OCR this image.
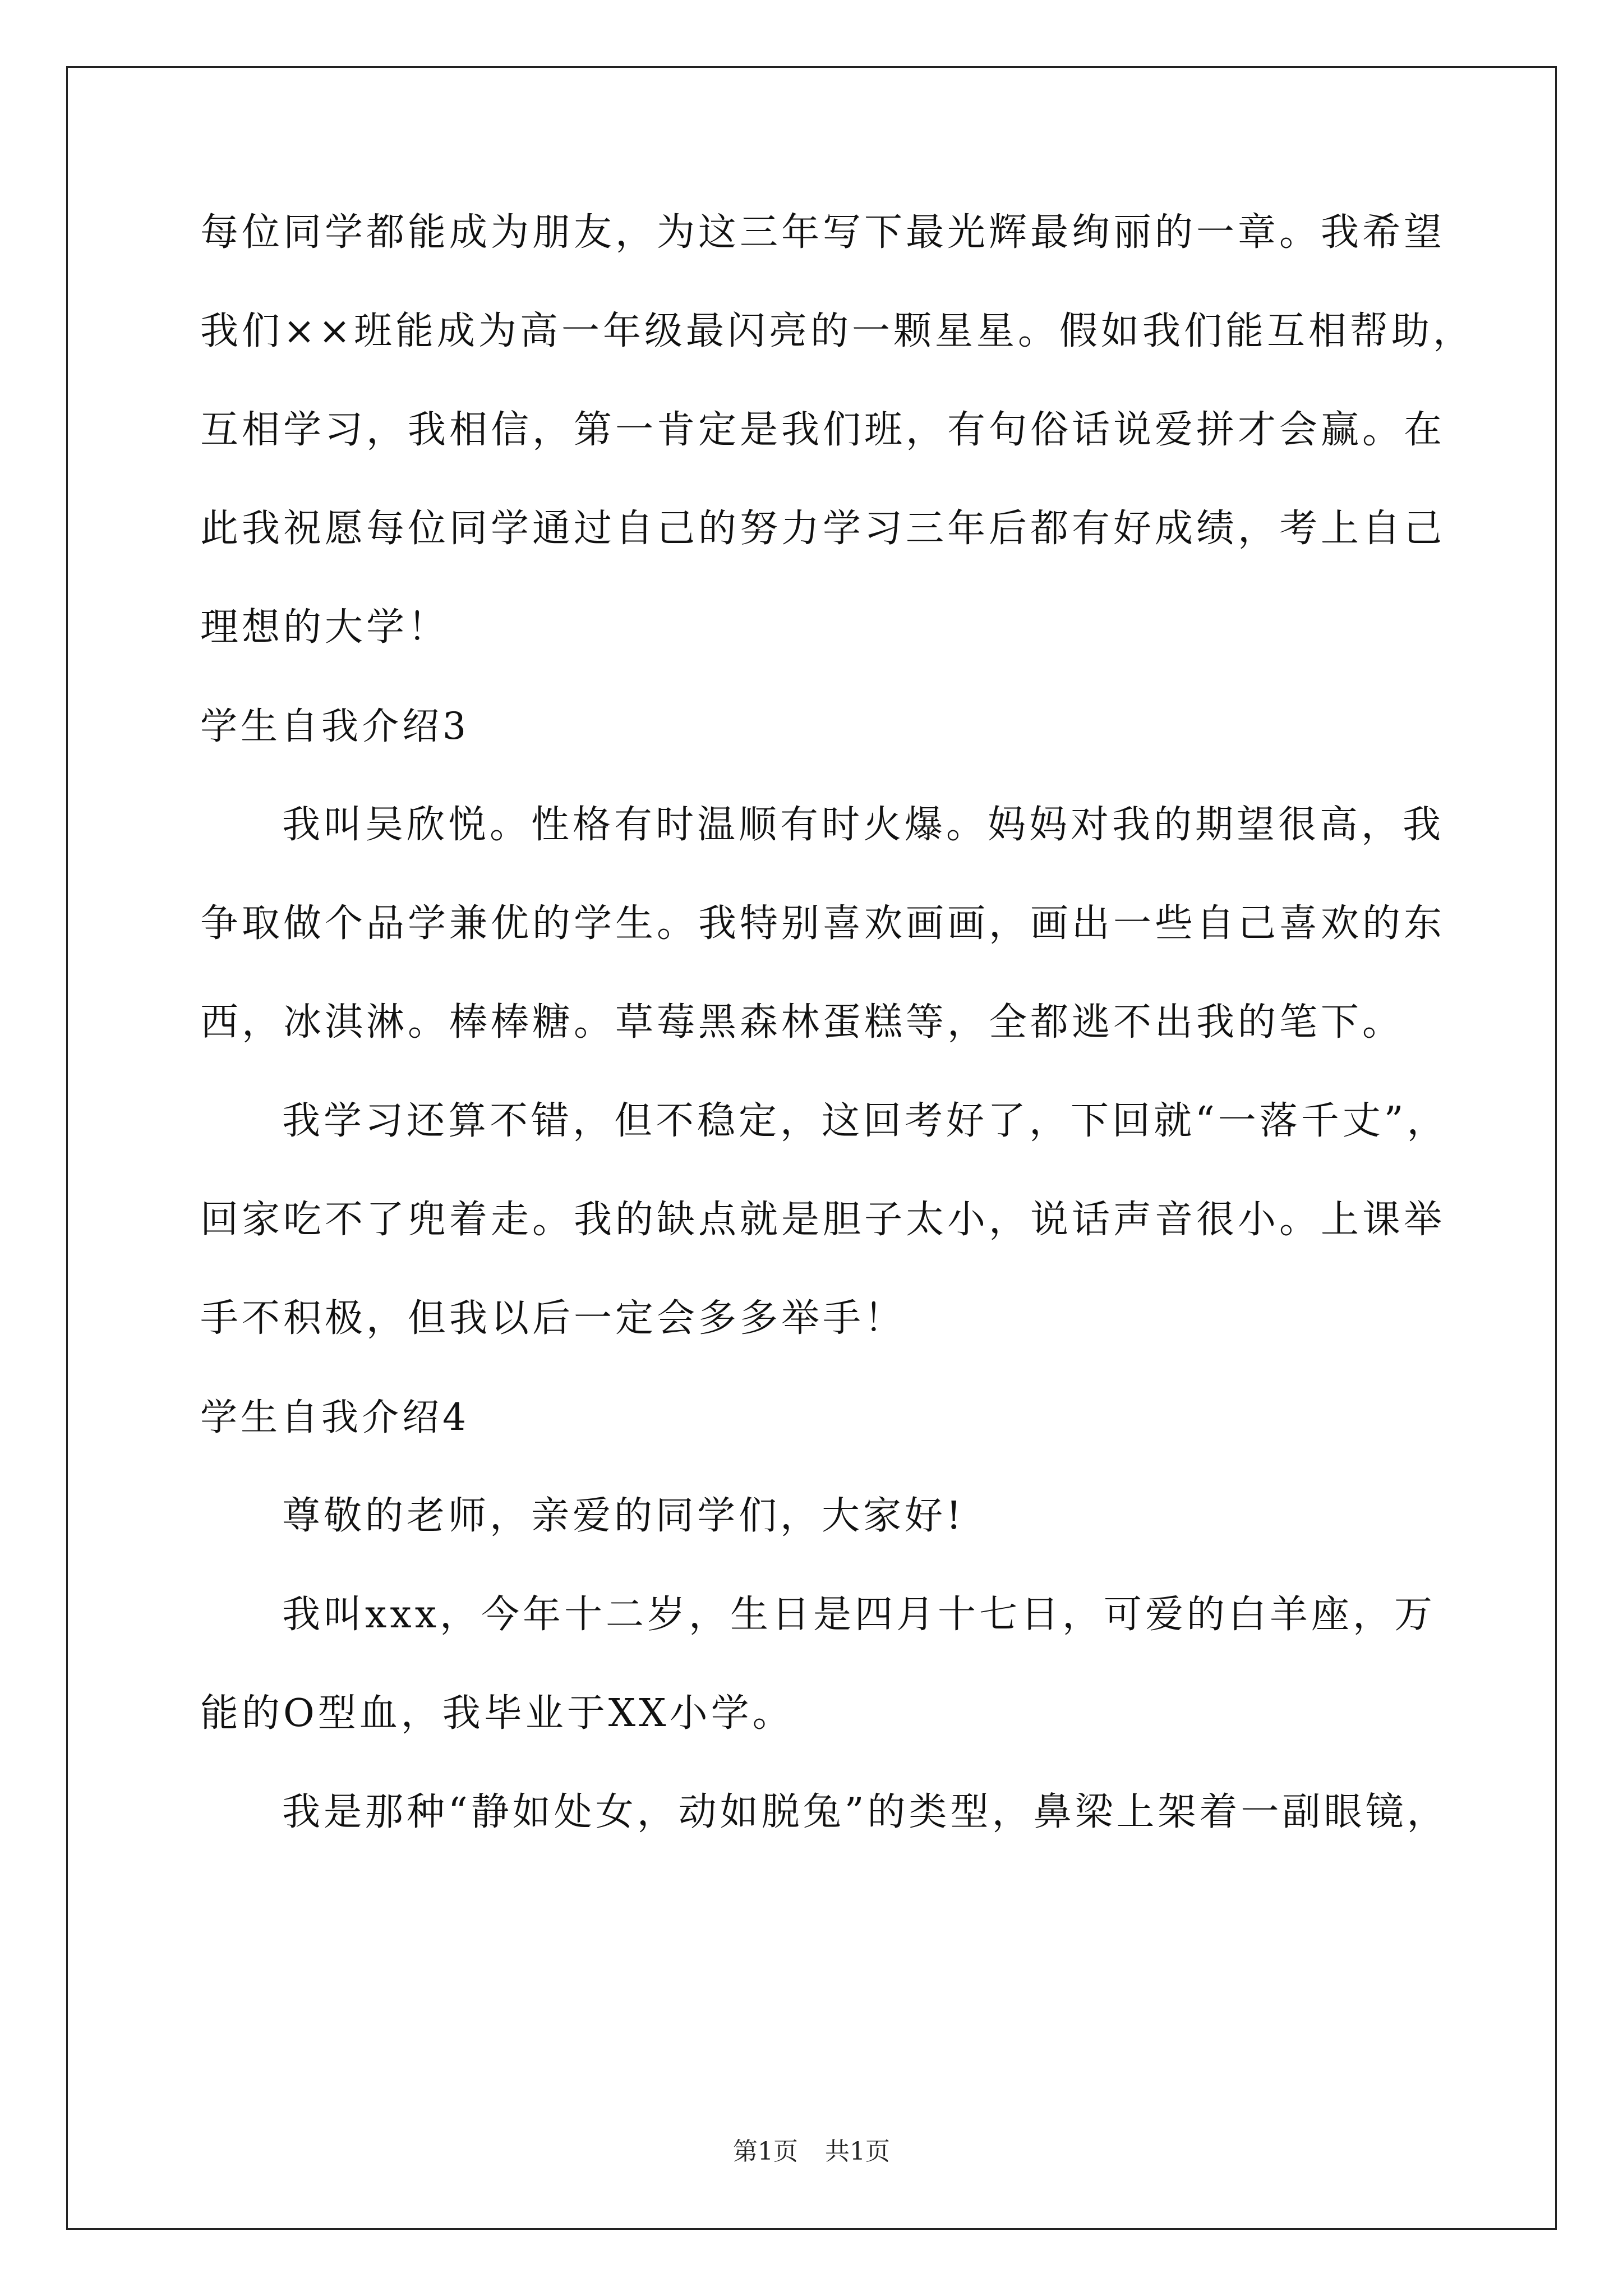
每位同学都能成为朋友，为这三年写下最光辉最绚丽的一章。我希望
我们××班能成为高一年级最闪亮的一颗星星。假如我们能互相帮助，
互相学习，我相信，第一肯定是我们班，有句俗话说爱拼才会赢。在
此我祝愿每位同学通过自己的努力学习三年后都有好成绩，考上自己
理想的大学！
学生自我介绍3
我叫吴欣悦。性格有时温顺有时火爆。妈妈对我的期望很高，我
争取做个品学兼优的学生。我特别喜欢画画，画出一些自己喜欢的东
西，冰淇淋。棒棒糖。草莓黑森林蛋糕等，全都逃不出我的笔下。
我学习还算不错，但不稳定，这回考好了，下回就“一落千丈”，
回家吃不了兜着走。我的缺点就是胆子太小，说话声音很小。上课举
手不积极，但我以后一定会多多举手！
学生自我介绍4
尊敬的老师，亲爱的同学们，大家好!
我叫xxx，今年十二岁，生日是四月十七日，可爱的白羊座，万
能的O型血，我毕业于XX小学。
我是那种“静如处女，动如脱兔”的类型，鼻梁上架着一副眼镜，
第1页 共1页
